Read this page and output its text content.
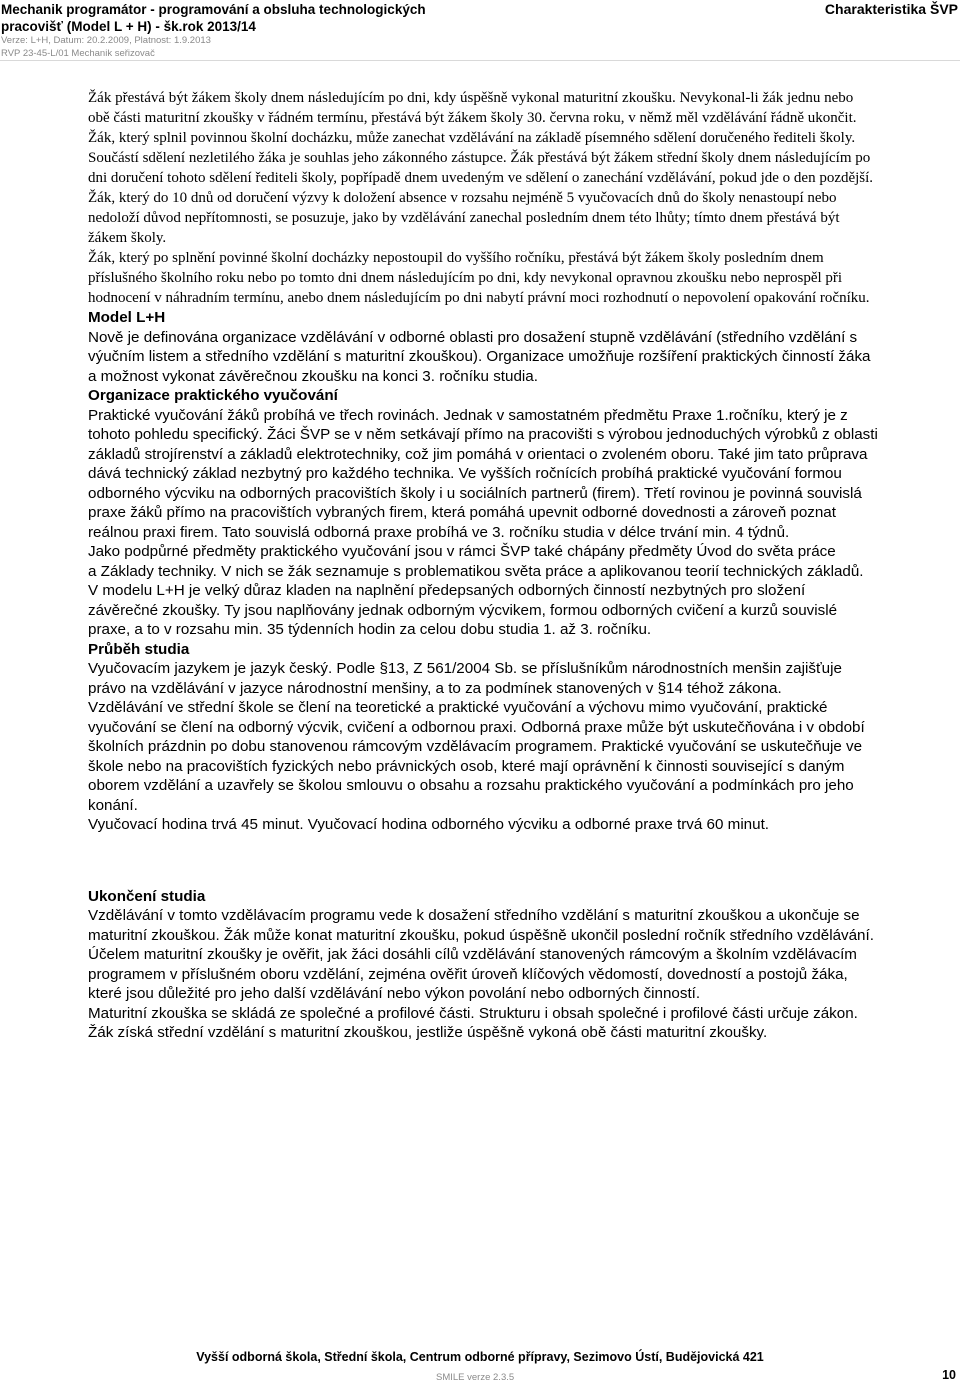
Mechanik programátor - programování a obsluha technologických
pracovišť (Model L + H) - šk.rok 2013/14
Verze: L+H, Datum: 20.2.2009, Platnost: 1.9.2013
RVP 23-45-L/01 Mechanik seřizovač
Charakteristika ŠVP

Žák přestává být žákem školy dnem následujícím po dni, kdy úspěšně vykonal maturitní zkoušku. Nevykonal-li žák jednu nebo obě části maturitní zkoušky v řádném termínu, přestává být žákem školy 30. června roku, v němž měl vzdělávání řádně ukončit.

Žák, který splnil povinnou školní docházku, může zanechat vzdělávání na základě písemného sdělení doručeného řediteli školy. Součástí sdělení nezletilého žáka je souhlas jeho zákonného zástupce. Žák přestává být žákem střední školy dnem následujícím po dni doručení tohoto sdělení řediteli školy, popřípadě dnem uvedeným ve sdělení o zanechání vzdělávání, pokud jde o den pozdější.

Žák, který do 10 dnů od doručení výzvy k doložení absence v rozsahu nejméně 5 vyučovacích dnů do školy nenastoupí nebo nedoloží důvod nepřítomnosti, se posuzuje, jako by vzdělávání zanechal posledním dnem této lhůty; tímto dnem přestává být žákem školy.

Žák, který po splnění povinné školní docházky nepostoupil do vyššího ročníku, přestává být žákem školy posledním dnem příslušného školního roku nebo po tomto dni dnem následujícím po dni, kdy nevykonal opravnou zkoušku nebo neprospěl při hodnocení v náhradním termínu, anebo dnem následujícím po dni nabytí právní moci rozhodnutí o nepovolení opakování ročníku.

Model L+H

Nově je definována organizace vzdělávání v odborné oblasti pro dosažení stupně vzdělávání (středního vzdělání s výučním listem a středního vzdělání s maturitní zkouškou). Organizace umožňuje rozšíření praktických činností žáka a možnost vykonat závěrečnou zkoušku na konci 3. ročníku studia.

Organizace praktického vyučování

Praktické vyučování žáků probíhá ve třech rovinách. Jednak v samostatném předmětu Praxe 1.ročníku, který je z tohoto pohledu specifický. Žáci ŠVP se v něm setkávají přímo na pracovišti s výrobou jednoduchých výrobků z oblasti základů strojírenství a základů elektrotechniky, což jim pomáhá v orientaci o zvoleném oboru. Také jim tato průprava dává technický základ nezbytný pro každého technika. Ve vyšších ročnících probíhá praktické vyučování formou odborného výcviku na odborných pracovištích školy i u sociálních partnerů (firem). Třetí rovinou je povinná souvislá praxe žáků přímo na pracovištích vybraných firem, která pomáhá upevnit odborné dovednosti a zároveň poznat reálnou praxi firem. Tato souvislá odborná praxe probíhá ve 3. ročníku studia v délce trvání min. 4 týdnů.

Jako podpůrné předměty praktického vyučování jsou v rámci ŠVP také chápány předměty Úvod do světa práce

a Základy techniky. V nich se žák seznamuje s problematikou světa práce a aplikovanou teorií technických základů.

V modelu L+H je velký důraz kladen na naplnění předepsaných odborných činností nezbytných pro složení závěrečné zkoušky. Ty jsou naplňovány jednak odborným výcvikem, formou odborných cvičení a kurzů souvislé praxe, a to v rozsahu min. 35 týdenních hodin za celou dobu studia 1. až 3. ročníku.

Průběh studia

Vyučovacím jazykem je jazyk český. Podle §13, Z 561/2004 Sb. se příslušníkům národnostních menšin zajišťuje právo na vzdělávání v jazyce národnostní menšiny, a to za podmínek stanovených v §14 téhož zákona.

Vzdělávání ve střední škole se člení na teoretické a praktické vyučování a výchovu mimo vyučování, praktické vyučování se člení na odborný výcvik, cvičení a odbornou praxi. Odborná praxe může být uskutečňována i v období školních prázdnin po dobu stanovenou rámcovým vzdělávacím programem. Praktické vyučování se uskutečňuje ve škole nebo na pracovištích fyzických nebo právnických osob, které mají oprávnění k činnosti související s daným oborem vzdělání a uzavřely se školou smlouvu o obsahu a rozsahu praktického vyučování a podmínkách pro jeho konání.

Vyučovací hodina trvá 45 minut. Vyučovací hodina odborného výcviku a odborné praxe trvá 60 minut.

Ukončení studia

Vzdělávání v tomto vzdělávacím programu vede k dosažení středního vzdělání s maturitní zkouškou a ukončuje se maturitní zkouškou. Žák může konat maturitní zkoušku, pokud úspěšně ukončil poslední ročník středního vzdělávání.

Účelem maturitní zkoušky je ověřit, jak žáci dosáhli cílů vzdělávání stanovených rámcovým a školním vzdělávacím programem v příslušném oboru vzdělání, zejména ověřit úroveň klíčových vědomostí, dovedností a postojů žáka, které jsou důležité pro jeho další vzdělávání nebo výkon povolání nebo odborných činností.

Maturitní zkouška se skládá ze společné a profilové části. Strukturu i obsah společné i profilové části určuje zákon. Žák získá střední vzdělání s maturitní zkouškou, jestliže úspěšně vykoná obě části maturitní zkoušky.

Vyšší odborná škola, Střední škola, Centrum odborné přípravy, Sezimovo Ústí, Budějovická 421
SMILE verze 2.3.5	10
